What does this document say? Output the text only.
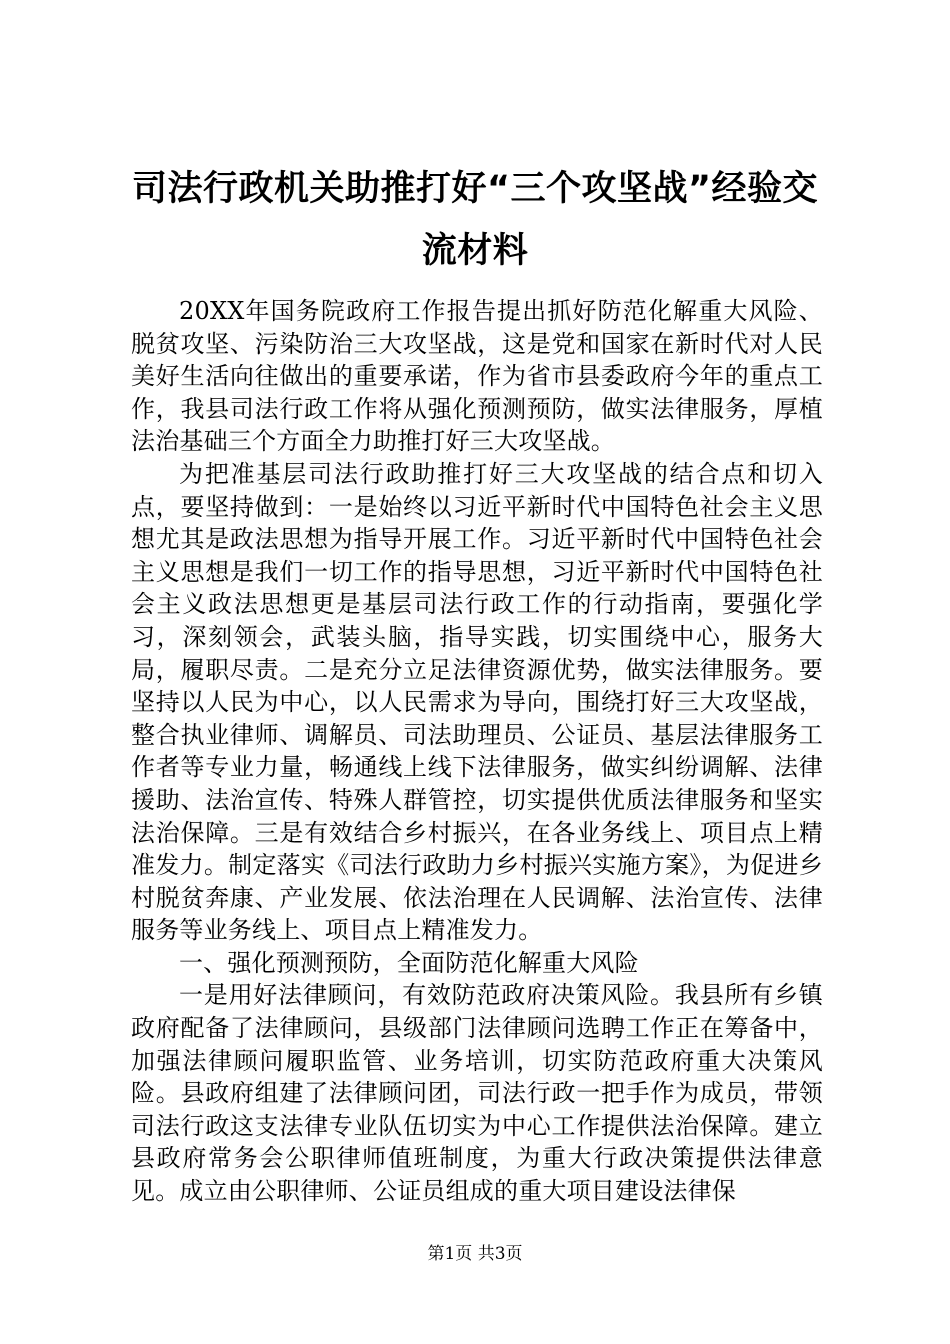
司法行政机关助推打好“三个攻坚战”经验交流材料

20XX年国务院政府工作报告提出抓好防范化解重大风险、脱贫攻坚、污染防治三大攻坚战，这是党和国家在新时代对人民美好生活向往做出的重要承诺，作为省市县委政府今年的重点工作，我县司法行政工作将从强化预测预防，做实法律服务，厚植法治基础三个方面全力助推打好三大攻坚战。

为把准基层司法行政助推打好三大攻坚战的结合点和切入点，要坚持做到：一是始终以习近平新时代中国特色社会主义思想尤其是政法思想为指导开展工作。习近平新时代中国特色社会主义思想是我们一切工作的指导思想，习近平新时代中国特色社会主义政法思想更是基层司法行政工作的行动指南，要强化学习，深刻领会，武装头脑，指导实践，切实围绕中心，服务大局，履职尽责。二是充分立足法律资源优势，做实法律服务。要坚持以人民为中心，以人民需求为导向，围绕打好三大攻坚战，整合执业律师、调解员、司法助理员、公证员、基层法律服务工作者等专业力量，畅通线上线下法律服务，做实纠纷调解、法律援助、法治宣传、特殊人群管控，切实提供优质法律服务和坚实法治保障。三是有效结合乡村振兴，在各业务线上、项目点上精准发力。制定落实《司法行政助力乡村振兴实施方案》，为促进乡村脱贫奔康、产业发展、依法治理在人民调解、法治宣传、法律服务等业务线上、项目点上精准发力。

一、强化预测预防，全面防范化解重大风险

一是用好法律顾问，有效防范政府决策风险。我县所有乡镇政府配备了法律顾问，县级部门法律顾问选聘工作正在筹备中，加强法律顾问履职监管、业务培训，切实防范政府重大决策风险。县政府组建了法律顾问团，司法行政一把手作为成员，带领司法行政这支法律专业队伍切实为中心工作提供法治保障。建立县政府常务会公职律师值班制度，为重大行政决策提供法律意见。成立由公职律师、公证员组成的重大项目建设法律保

第1页 共3页
